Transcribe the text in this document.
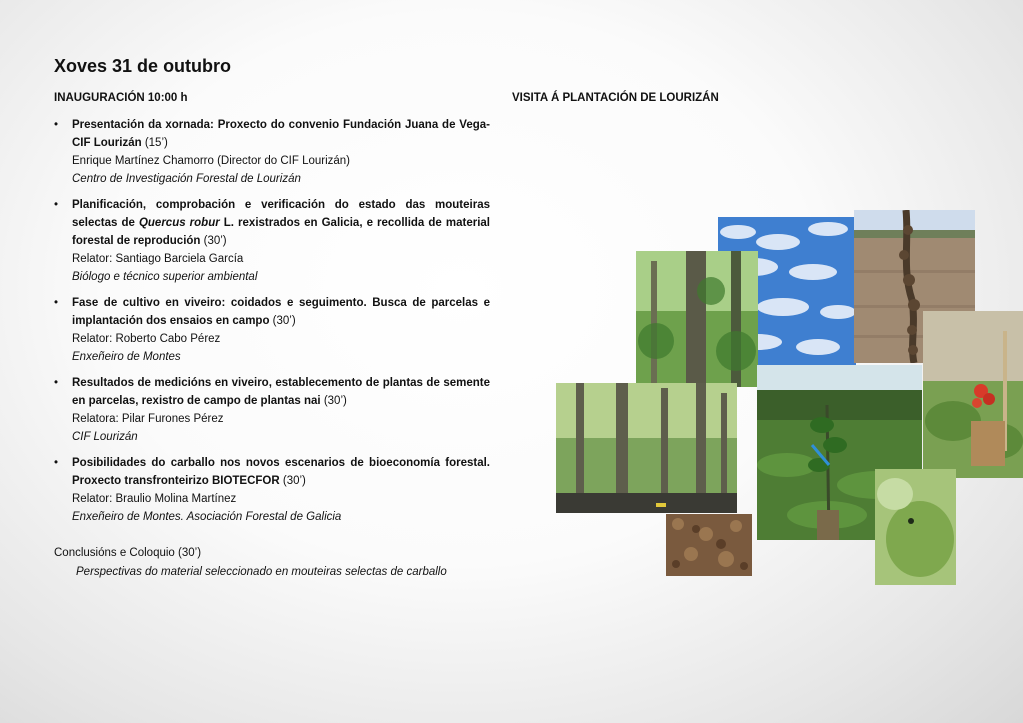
Xoves 31 de outubro
INAUGURACIÓN 10:00 h	VISITA Á PLANTACIÓN DE LOURIZÁN
• Presentación da xornada: Proxecto do convenio Fundación Juana de Vega-CIF Lourizán (15’)
Enrique Martínez Chamorro (Director do CIF Lourizán)
Centro de Investigación Forestal de Lourizán
• Planificación, comprobación e verificación do estado das mouteiras selectas de Quercus robur L. rexistrados en Galicia, e recollida de material forestal de reprodución (30’)
Relator: Santiago Barciela García
Biólogo e técnico superior ambiental
• Fase de cultivo en viveiro: coidados e seguimento. Busca de parcelas e implantación dos ensaios en campo (30’)
Relator: Roberto Cabo Pérez
Enxeñeiro de Montes
• Resultados de medicións en viveiro, establecemento de plantas de semente en parcelas, rexistro de campo de plantas nai (30’)
Relatora: Pilar Furones Pérez
CIF Lourizán
• Posibilidades do carballo nos novos escenarios de bioeconomía forestal. Proxecto transfronteirizo BIOTECFOR (30’)
Relator: Braulio Molina Martínez
Enxeñeiro de Montes. Asociación Forestal de Galicia
Conclusións e Coloquio (30’)
Perspectivas do material seleccionado en mouteiras selectas de carballo
